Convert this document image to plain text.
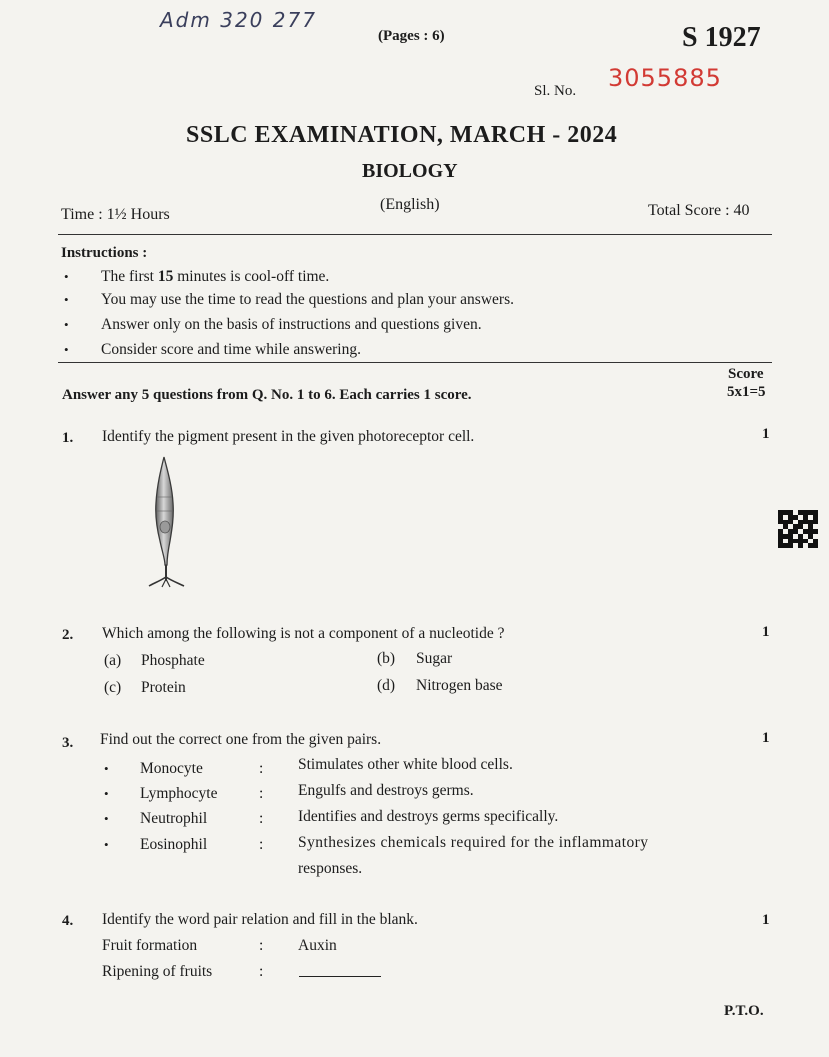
Adm 320 277
(Pages : 6)	S 1927
Sl. No. 3055885
SSLC EXAMINATION, MARCH - 2024
BIOLOGY
(English)
Time : 1½ Hours	Total Score : 40
Instructions :
• The first 15 minutes is cool-off time.
• You may use the time to read the questions and plan your answers.
• Answer only on the basis of instructions and questions given.
• Consider score and time while answering.
Score
Answer any 5 questions from Q. No. 1 to 6. Each carries 1 score.	5x1=5
1. Identify the pigment present in the given photoreceptor cell.	1
2. Which among the following is not a component of a nucleotide ?	1
(a) Phosphate	(b) Sugar
(c) Protein	(d) Nitrogen base
3. Find out the correct one from the given pairs.	1
• Monocyte	: Stimulates other white blood cells.
• Lymphocyte	: Engulfs and destroys germs.
• Neutrophil	: Identifies and destroys germs specifically.
• Eosinophil	: Synthesizes chemicals required for the inflammatory
responses.
4. Identify the word pair relation and fill in the blank.	1
Fruit formation	: Auxin
Ripening of fruits	:
P.T.O.
